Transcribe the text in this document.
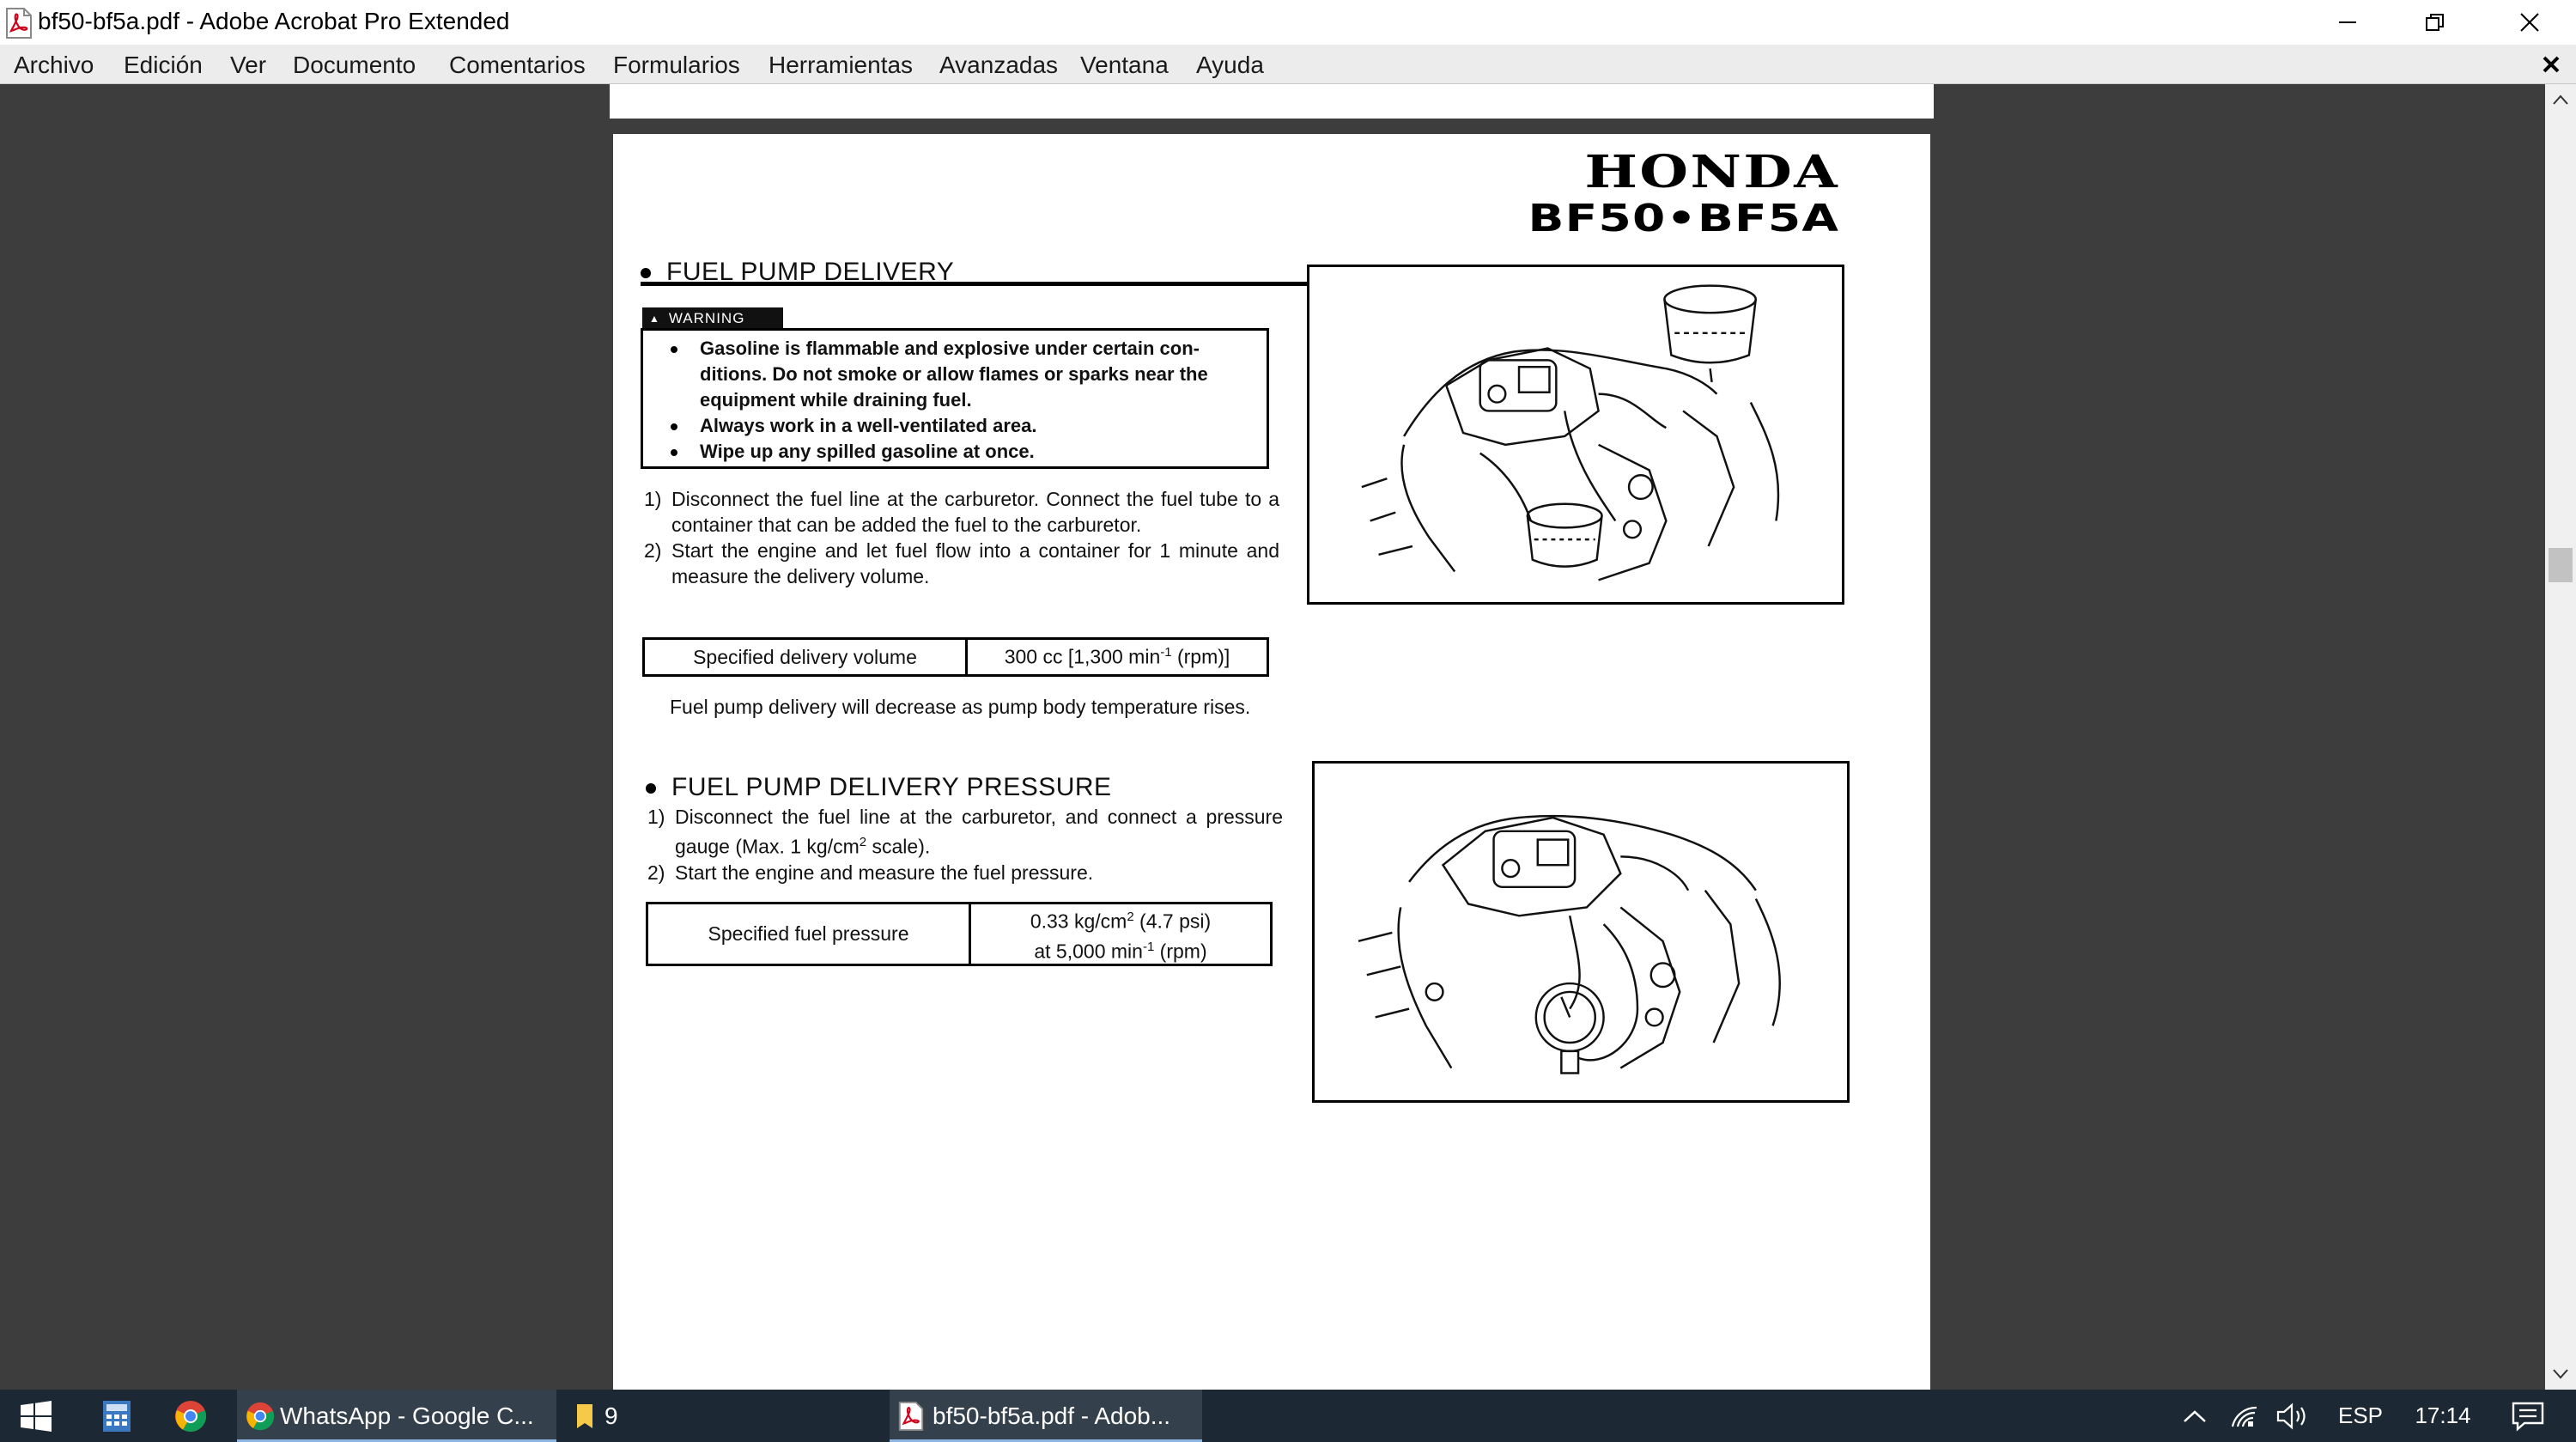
bf50-bf5a.pdf - Adobe Acrobat Pro Extended
Archivo Edición Ver Documento Comentarios Formularios Herramientas Avanzadas Ventana Ayuda
HONDA
BF50•BF5A
FUEL PUMP DELIVERY
▲ WARNING
Gasoline is flammable and explosive under certain conditions. Do not smoke or allow flames or sparks near the equipment while draining fuel.
Always work in a well-ventilated area.
Wipe up any spilled gasoline at once.
1) Disconnect the fuel line at the carburetor. Connect the fuel tube to a container that can be added the fuel to the carburetor.

2) Start the engine and let fuel flow into a container for 1 minute and measure the delivery volume.

Specified delivery volume	300 cc [1,300 $\min^{-1} (rpm)$]

Fuel pump delivery will decrease as pump body temperature rises.

FUEL PUMP DELIVERY PRESSURE
1) Disconnect the fuel line at the carburetor, and connect a pressure gauge (Max. 1 $kg/cm^2$ scale).

2) Start the engine and measure the fuel pressure.

Specified fuel pressure	0.33 $kg/cm^2$ (4.7 psi)
at 5,000 $\min^{-1} (rpm)$
WhatsApp - Google C...	9	bf50-bf5a.pdf - Adob...	ESP	17:14
